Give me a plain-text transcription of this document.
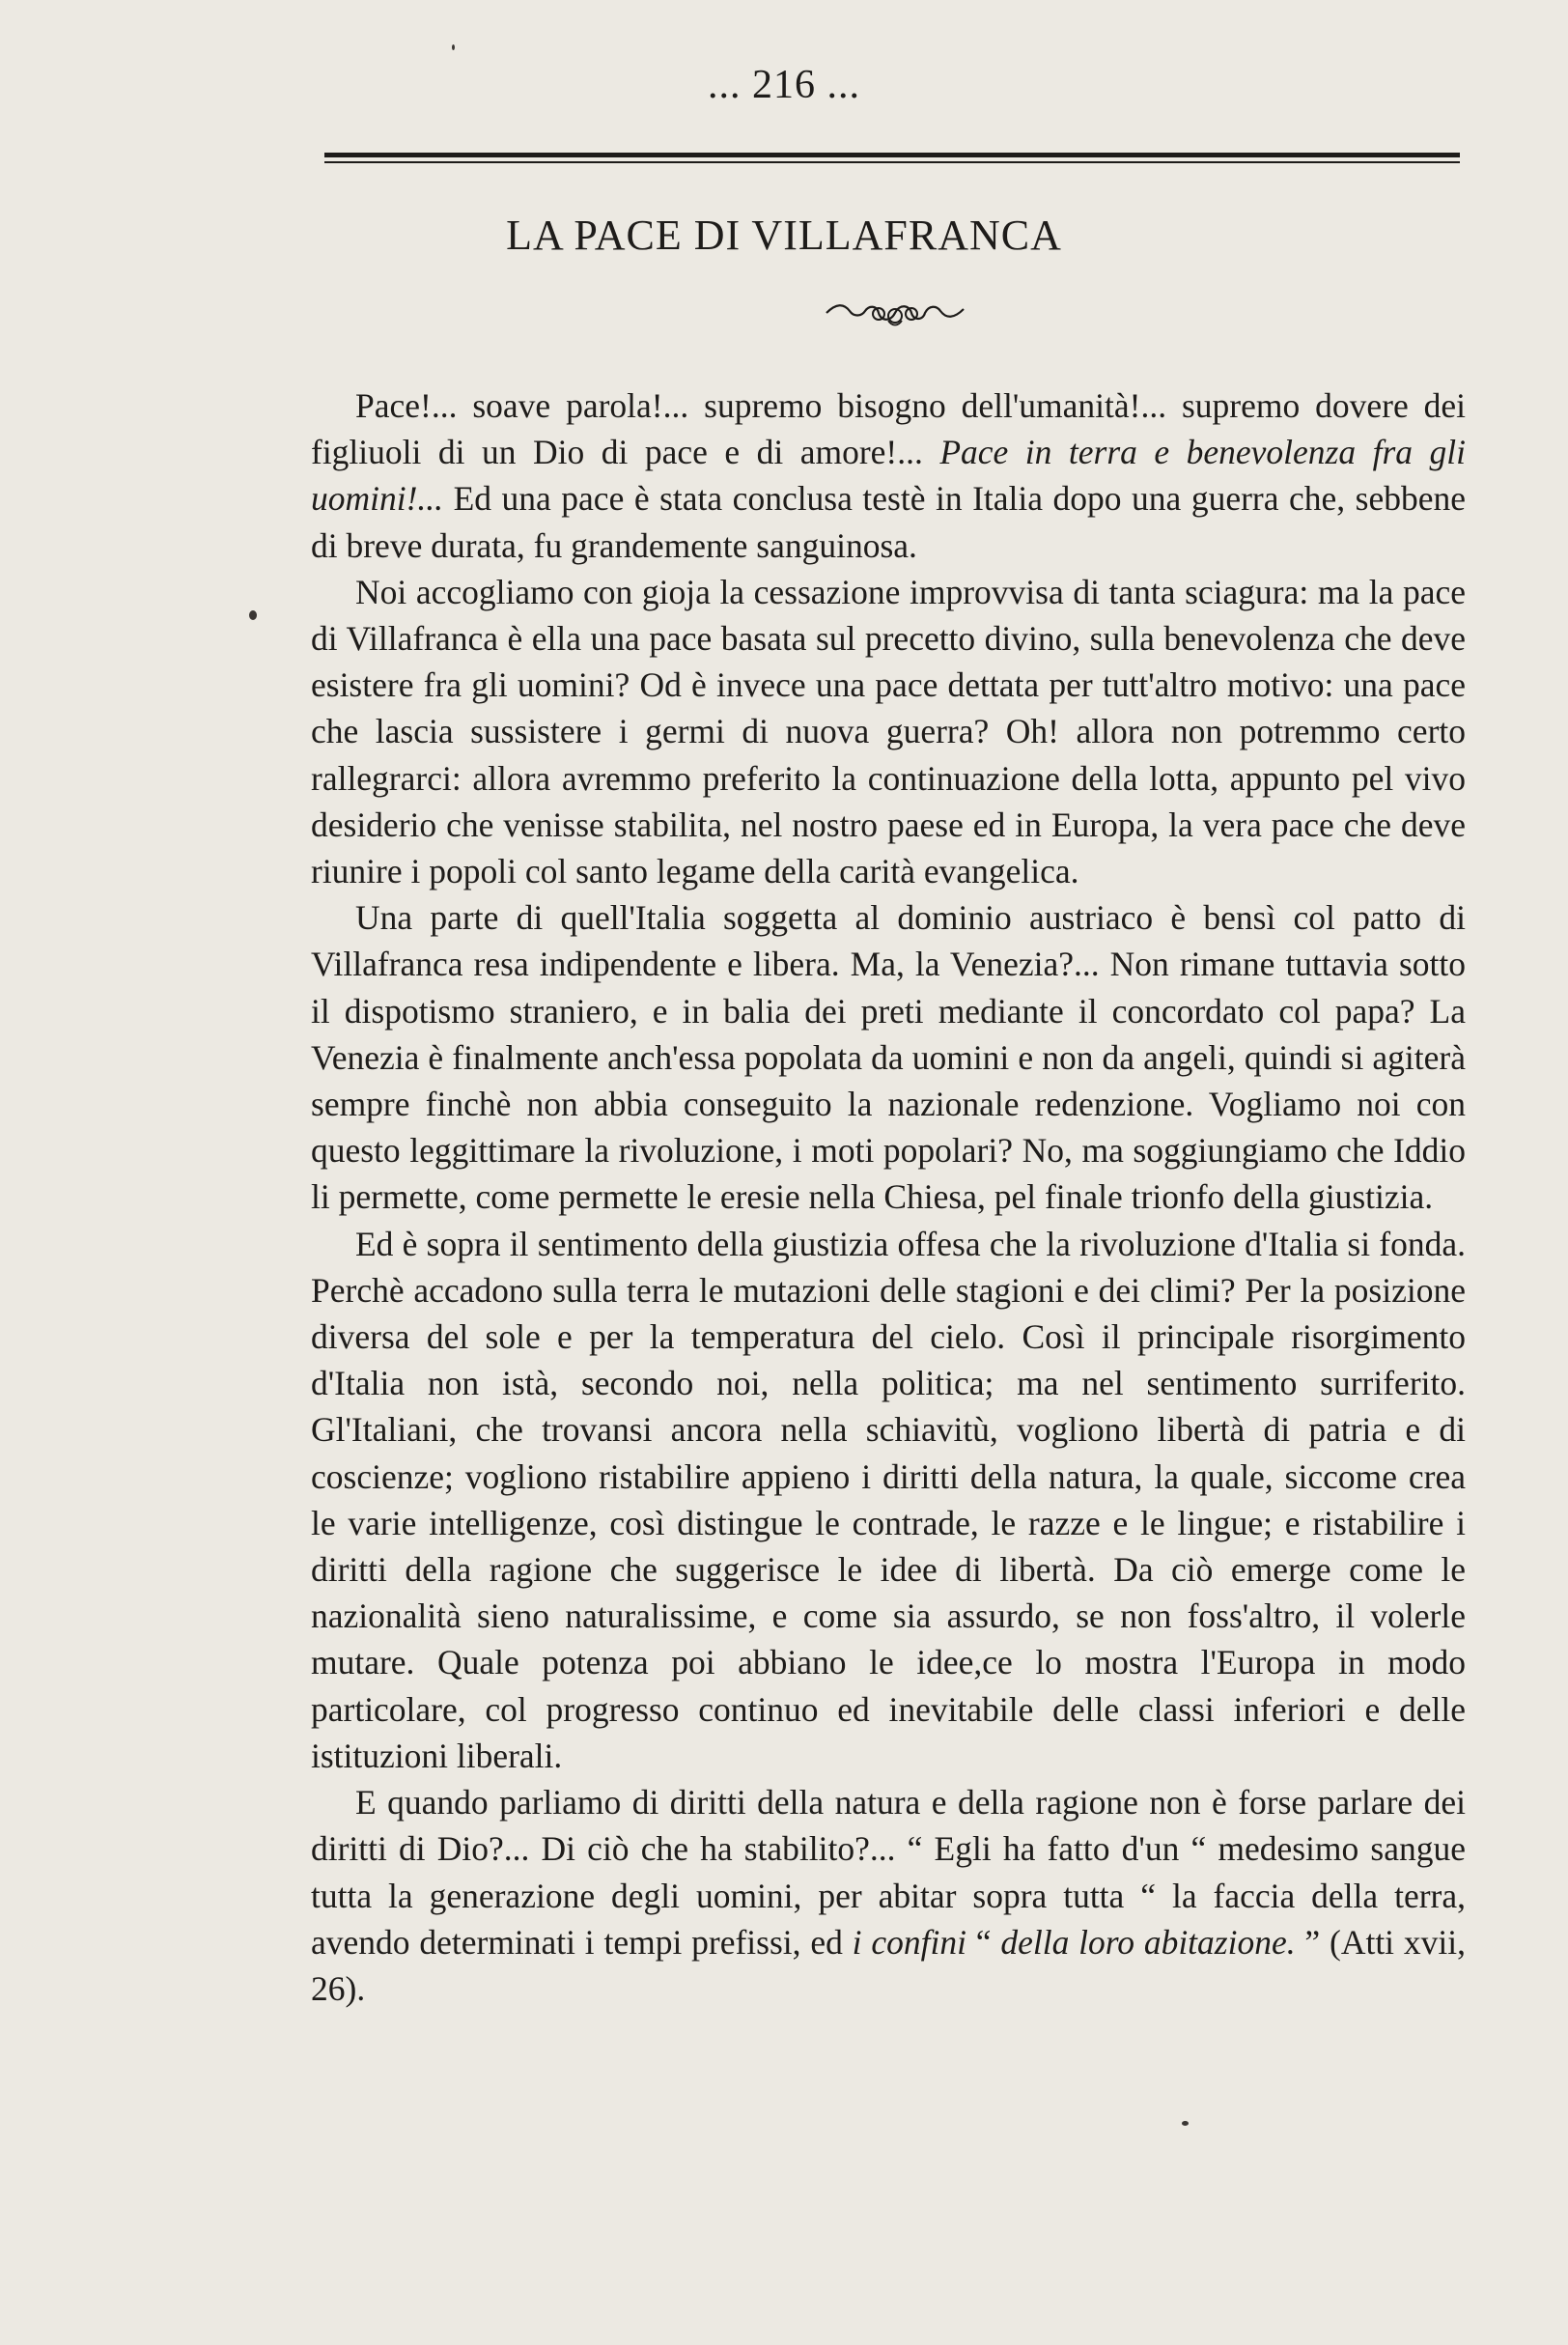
... 216 ...
LA PACE DI VILLAFRANCA

Pace!... soave parola!... supremo bisogno dell'umanità!... supremo dovere dei figliuoli di un Dio di pace e di amore!... Pace in terra e benevolenza fra gli uomini!... Ed una pace è stata conclusa testè in Italia dopo una guerra che, sebbene di breve durata, fu grandemente sanguinosa.

Noi accogliamo con gioja la cessazione improvvisa di tanta sciagura: ma la pace di Villafranca è ella una pace basata sul precetto divino, sulla benevolenza che deve esistere fra gli uomini? Od è invece una pace dettata per tutt'altro motivo: una pace che lascia sussistere i germi di nuova guerra? Oh! allora non potremmo certo rallegrarci: allora avremmo preferito la continuazione della lotta, appunto pel vivo desiderio che venisse stabilita, nel nostro paese ed in Europa, la vera pace che deve riunire i popoli col santo legame della carità evangelica.

Una parte di quell'Italia soggetta al dominio austriaco è bensì col patto di Villafranca resa indipendente e libera. Ma, la Venezia?... Non rimane tuttavia sotto il dispotismo straniero, e in balia dei preti mediante il concordato col papa? La Venezia è finalmente anch'essa popolata da uomini e non da angeli, quindi si agiterà sempre finchè non abbia conseguito la nazionale redenzione. Vogliamo noi con questo leggittimare la rivoluzione, i moti popolari? No, ma soggiungiamo che Iddio li permette, come permette le eresie nella Chiesa, pel finale trionfo della giustizia.

Ed è sopra il sentimento della giustizia offesa che la rivoluzione d'Italia si fonda. Perchè accadono sulla terra le mutazioni delle stagioni e dei climi? Per la posizione diversa del sole e per la temperatura del cielo. Così il principale risorgimento d'Italia non istà, secondo noi, nella politica; ma nel sentimento surriferito. Gl'Italiani, che trovansi ancora nella schiavitù, vogliono libertà di patria e di coscienze; vogliono ristabilire appieno i diritti della natura, la quale, siccome crea le varie intelligenze, così distingue le contrade, le razze e le lingue; e ristabilire i diritti della ragione che suggerisce le idee di libertà. Da ciò emerge come le nazionalità sieno naturalissime, e come sia assurdo, se non foss'altro, il volerle mutare. Quale potenza poi abbiano le idee,ce lo mostra l'Europa in modo particolare, col progresso continuo ed inevitabile delle classi inferiori e delle istituzioni liberali.

E quando parliamo di diritti della natura e della ragione non è forse parlare dei diritti di Dio?... Di ciò che ha stabilito?... “ Egli ha fatto d'un “ medesimo sangue tutta la generazione degli uomini, per abitar sopra tutta “ la faccia della terra, avendo determinati i tempi prefissi, ed i confini “ della loro abitazione. ” (Atti xvii, 26).
